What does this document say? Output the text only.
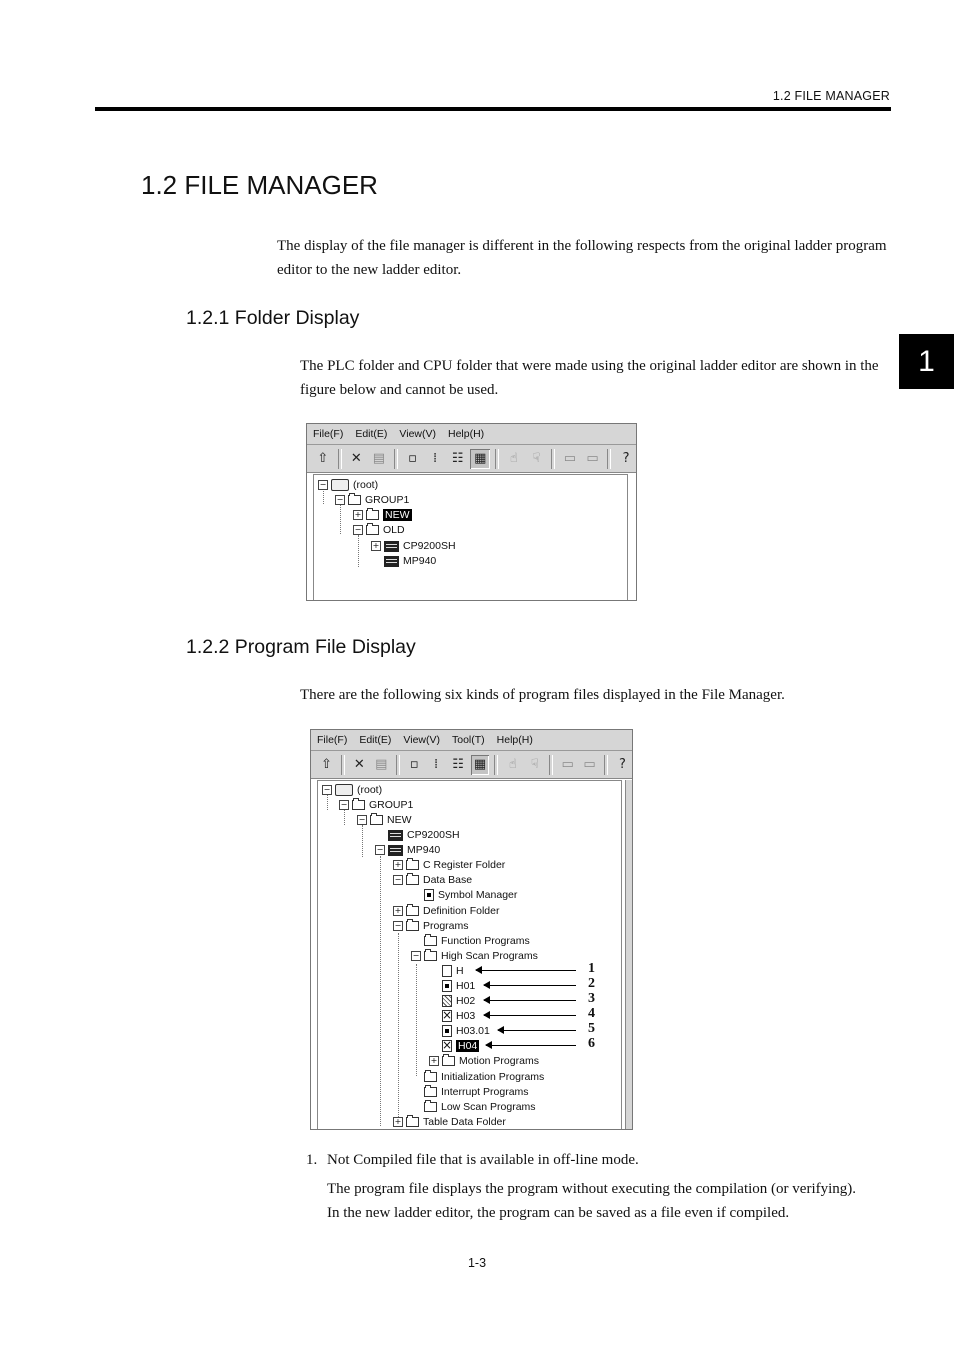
1.2 FILE MANAGER
1
1.2 FILE MANAGER
The display of the file manager is different in the following respects from the original ladder program editor to the new ladder editor.
1.2.1 Folder Display
The PLC folder and CPU folder that were made using the original ladder editor are shown in the figure below and cannot be used.
File(F) Edit(E) View(V) Help(H)
⇧	✕ ▤	▫	⁞	☷ ▦	☝	☟	▭ ▭	?
−	(root)
− GROUP1
+ NEW
− OLD
+ CP9200SH
MP940
1.2.2 Program File Display
There are the following six kinds of program files displayed in the File Manager.
File(F) Edit(E) View(V) Tool(T) Help(H)
⇧	✕ ▤	▫	⁞	☷ ▦	☝	☟	▭ ▭	?
−	(root)
− GROUP1
− NEW
CP9200SH
− MP940
+ C Register Folder
− Data Base
Symbol Manager
+ Definition Folder
− Programs
Function Programs
− High Scan Programs
H
H01
H02
×
H03
H03.01
×
H04
+ Motion Programs
Initialization Programs
Interrupt Programs
Low Scan Programs
+ Table Data Folder
1
2
3
4
5
6
1. Not Compiled file that is available in off-line mode.
The program file displays the program without executing the compilation (or verifying).
In the new ladder editor, the program can be saved as a file even if compiled.
1-3
